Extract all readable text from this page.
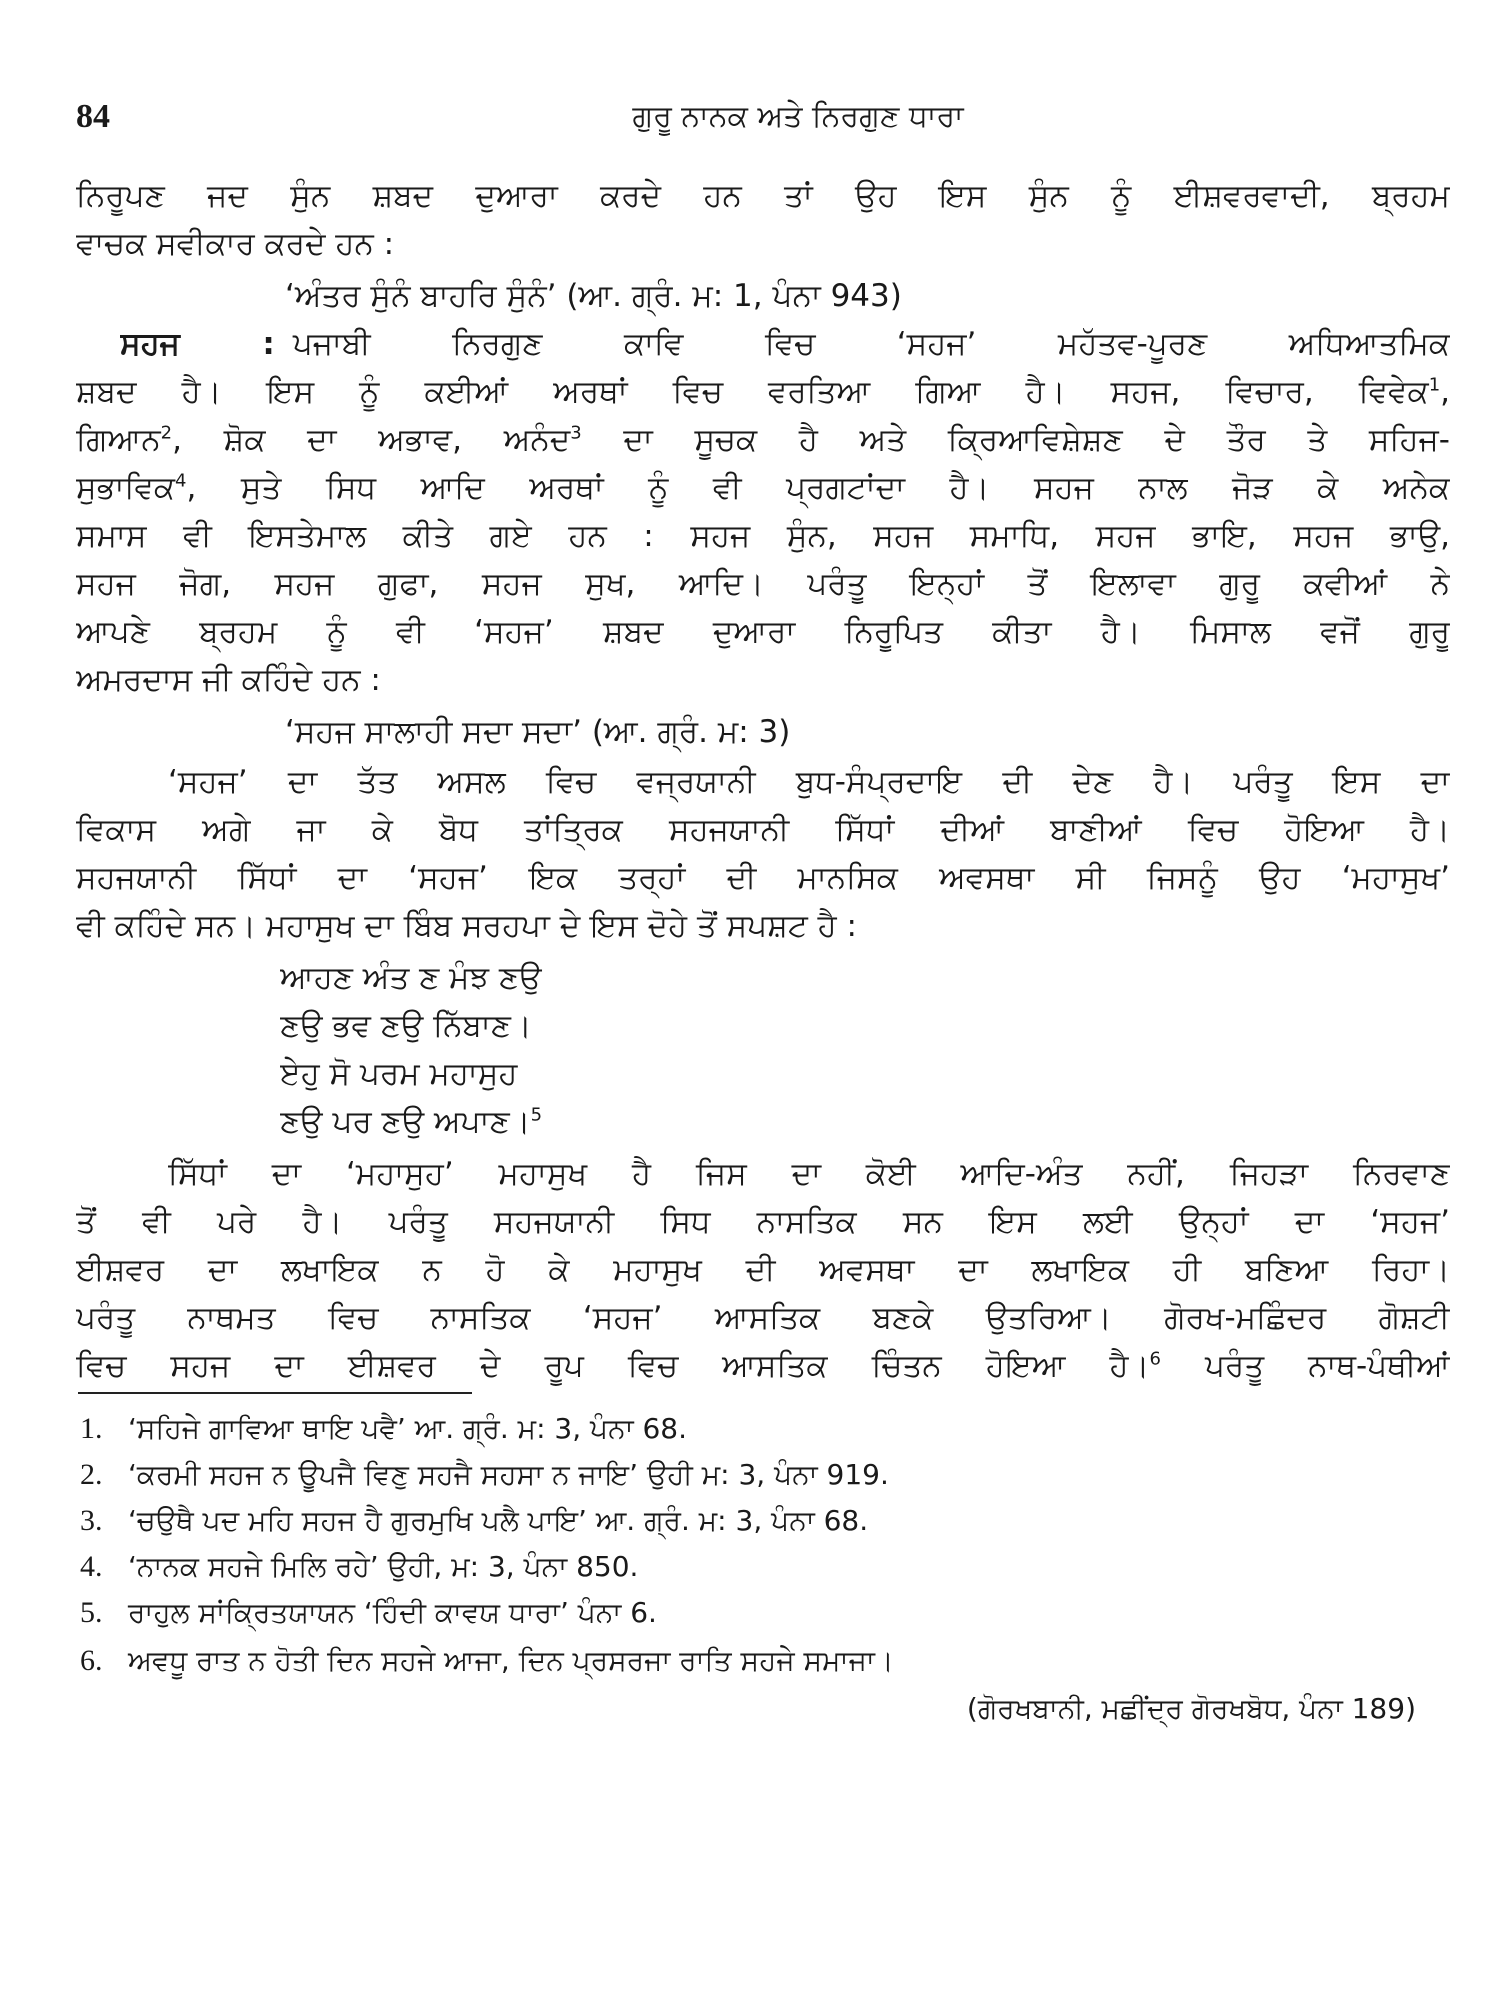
84	ਗੁਰੂ ਨਾਨਕ ਅਤੇ ਨਿਰਗੁਣ ਧਾਰਾ
ਨਿਰੂਪਣ ਜਦ ਸੁੰਨ ਸ਼ਬਦ ਦੁਆਰਾ ਕਰਦੇ ਹਨ ਤਾਂ ਉਹ ਇਸ ਸੁੰਨ ਨੂੰ ਈਸ਼ਵਰਵਾਦੀ, ਬ੍ਰਹਮ
ਵਾਚਕ ਸਵੀਕਾਰ ਕਰਦੇ ਹਨ :
‘ਅੰਤਰ ਸੁੰਨੰ ਬਾਹਰਿ ਸੁੰਨੰ’ (ਆ. ਗ੍ਰੰ. ਮ: 1, ਪੰਨਾ 943)
ਸਹਜ : ਪਜਾਬੀ ਨਿਰਗੁਣ ਕਾਵਿ ਵਿਚ ‘ਸਹਜ’ ਮਹੱਤਵ-ਪੂਰਣ ਅਧਿਆਤਮਿਕ
ਸ਼ਬਦ ਹੈ। ਇਸ ਨੂੰ ਕਈਆਂ ਅਰਥਾਂ ਵਿਚ ਵਰਤਿਆ ਗਿਆ ਹੈ। ਸਹਜ, ਵਿਚਾਰ, ਵਿਵੇਕ$^1$,
ਗਿਆਨ$^2$, ਸ਼ੋਕ ਦਾ ਅਭਾਵ, ਅਨੰਦ$^3$ ਦਾ ਸੂਚਕ ਹੈ ਅਤੇ ਕ੍ਰਿਆਵਿਸ਼ੇਸ਼ਣ ਦੇ ਤੌਰ ਤੇ ਸਹਿਜ-
ਸੁਭਾਵਿਕ$^4$, ਸੁਤੇ ਸਿਧ ਆਦਿ ਅਰਥਾਂ ਨੂੰ ਵੀ ਪ੍ਰਗਟਾਂਦਾ ਹੈ। ਸਹਜ ਨਾਲ ਜੋੜ ਕੇ ਅਨੇਕ
ਸਮਾਸ ਵੀ ਇਸਤੇਮਾਲ ਕੀਤੇ ਗਏ ਹਨ : ਸਹਜ ਸੁੰਨ, ਸਹਜ ਸਮਾਧਿ, ਸਹਜ ਭਾਇ, ਸਹਜ ਭਾਉ,
ਸਹਜ ਜੋਗ, ਸਹਜ ਗੁਫਾ, ਸਹਜ ਸੁਖ, ਆਦਿ। ਪਰੰਤੂ ਇਨ੍ਹਾਂ ਤੋਂ ਇਲਾਵਾ ਗੁਰੂ ਕਵੀਆਂ ਨੇ
ਆਪਣੇ ਬ੍ਰਹਮ ਨੂੰ ਵੀ ‘ਸਹਜ’ ਸ਼ਬਦ ਦੁਆਰਾ ਨਿਰੂਪਿਤ ਕੀਤਾ ਹੈ। ਮਿਸਾਲ ਵਜੋਂ ਗੁਰੂ
ਅਮਰਦਾਸ ਜੀ ਕਹਿੰਦੇ ਹਨ :
‘ਸਹਜ ਸਾਲਾਹੀ ਸਦਾ ਸਦਾ’ (ਆ. ਗ੍ਰੰ. ਮ: 3)
‘ਸਹਜ’ ਦਾ ਤੱਤ ਅਸਲ ਵਿਚ ਵਜ੍ਰਯਾਨੀ ਬੁਧ-ਸੰਪ੍ਰਦਾਇ ਦੀ ਦੇਣ ਹੈ। ਪਰੰਤੂ ਇਸ ਦਾ
ਵਿਕਾਸ ਅਗੇ ਜਾ ਕੇ ਬੋਧ ਤਾਂਤ੍ਰਿਕ ਸਹਜਯਾਨੀ ਸਿੱਧਾਂ ਦੀਆਂ ਬਾਣੀਆਂ ਵਿਚ ਹੋਇਆ ਹੈ।
ਸਹਜਯਾਨੀ ਸਿੱਧਾਂ ਦਾ ‘ਸਹਜ’ ਇਕ ਤਰ੍ਹਾਂ ਦੀ ਮਾਨਸਿਕ ਅਵਸਥਾ ਸੀ ਜਿਸਨੂੰ ਉਹ ‘ਮਹਾਸੁਖ’
ਵੀ ਕਹਿੰਦੇ ਸਨ। ਮਹਾਸੁਖ ਦਾ ਬਿੰਬ ਸਰਹਪਾ ਦੇ ਇਸ ਦੋਹੇ ਤੋਂ ਸਪਸ਼ਟ ਹੈ :
ਆਹਣ ਅੰਤ ਣ ਮੰਝ ਣਉ
ਣਉ ਭਵ ਣਉ ਨਿੱਬਾਣ।
ਏਹੁ ਸੋ ਪਰਮ ਮਹਾਸੁਹ
ਣਉ ਪਰ ਣਉ ਅਪਾਣ।$^5$
ਸਿੱਧਾਂ ਦਾ ‘ਮਹਾਸੁਹ’ ਮਹਾਸੁਖ ਹੈ ਜਿਸ ਦਾ ਕੋਈ ਆਦਿ-ਅੰਤ ਨਹੀਂ, ਜਿਹੜਾ ਨਿਰਵਾਣ
ਤੋਂ ਵੀ ਪਰੇ ਹੈ। ਪਰੰਤੂ ਸਹਜਯਾਨੀ ਸਿਧ ਨਾਸਤਿਕ ਸਨ ਇਸ ਲਈ ਉਨ੍ਹਾਂ ਦਾ ‘ਸਹਜ’
ਈਸ਼ਵਰ ਦਾ ਲਖਾਇਕ ਨ ਹੋ ਕੇ ਮਹਾਸੁਖ ਦੀ ਅਵਸਥਾ ਦਾ ਲਖਾਇਕ ਹੀ ਬਣਿਆ ਰਿਹਾ।
ਪਰੰਤੂ ਨਾਥਮਤ ਵਿਚ ਨਾਸਤਿਕ ‘ਸਹਜ’ ਆਸਤਿਕ ਬਣਕੇ ਉਤਰਿਆ। ਗੋਰਖ-ਮਛਿੰਦਰ ਗੋਸ਼ਟੀ
ਵਿਚ ਸਹਜ ਦਾ ਈਸ਼ਵਰ ਦੇ ਰੂਪ ਵਿਚ ਆਸਤਿਕ ਚਿੰਤਨ ਹੋਇਆ ਹੈ।$^6$ ਪਰੰਤੂ ਨਾਥ-ਪੰਥੀਆਂ
1. ‘ਸਹਿਜੇ ਗਾਵਿਆ ਥਾਇ ਪਵੈ’ ਆ. ਗ੍ਰੰ. ਮ: 3, ਪੰਨਾ 68.
2. ‘ਕਰਮੀ ਸਹਜ ਨ ਊਪਜੈ ਵਿਣੁ ਸਹਜੈ ਸਹਸਾ ਨ ਜਾਇ’ ਉਹੀ ਮ: 3, ਪੰਨਾ 919.
3. ‘ਚਉਥੈ ਪਦ ਮਹਿ ਸਹਜ ਹੈ ਗੁਰਮੁਖਿ ਪਲੈ ਪਾਇ’ ਆ. ਗ੍ਰੰ. ਮ: 3, ਪੰਨਾ 68.
4. ‘ਨਾਨਕ ਸਹਜੇ ਮਿਲਿ ਰਹੇ’ ਉਹੀ, ਮ: 3, ਪੰਨਾ 850.
5. ਰਾਹੁਲ ਸਾਂਕ੍ਰਿਤਯਾਯਨ ‘ਹਿੰਦੀ ਕਾਵਯ ਧਾਰਾ’ ਪੰਨਾ 6.
6. ਅਵਧੂ ਰਾਤ ਨ ਹੋਤੀ ਦਿਨ ਸਹਜੇ ਆਜਾ, ਦਿਨ ਪ੍ਰਸਰਜਾ ਰਾਤਿ ਸਹਜੇ ਸਮਾਜਾ।
(ਗੋਰਖਬਾਨੀ, ਮਛੀਂਦ੍ਰ ਗੋਰਖਬੋਧ, ਪੰਨਾ 189)
